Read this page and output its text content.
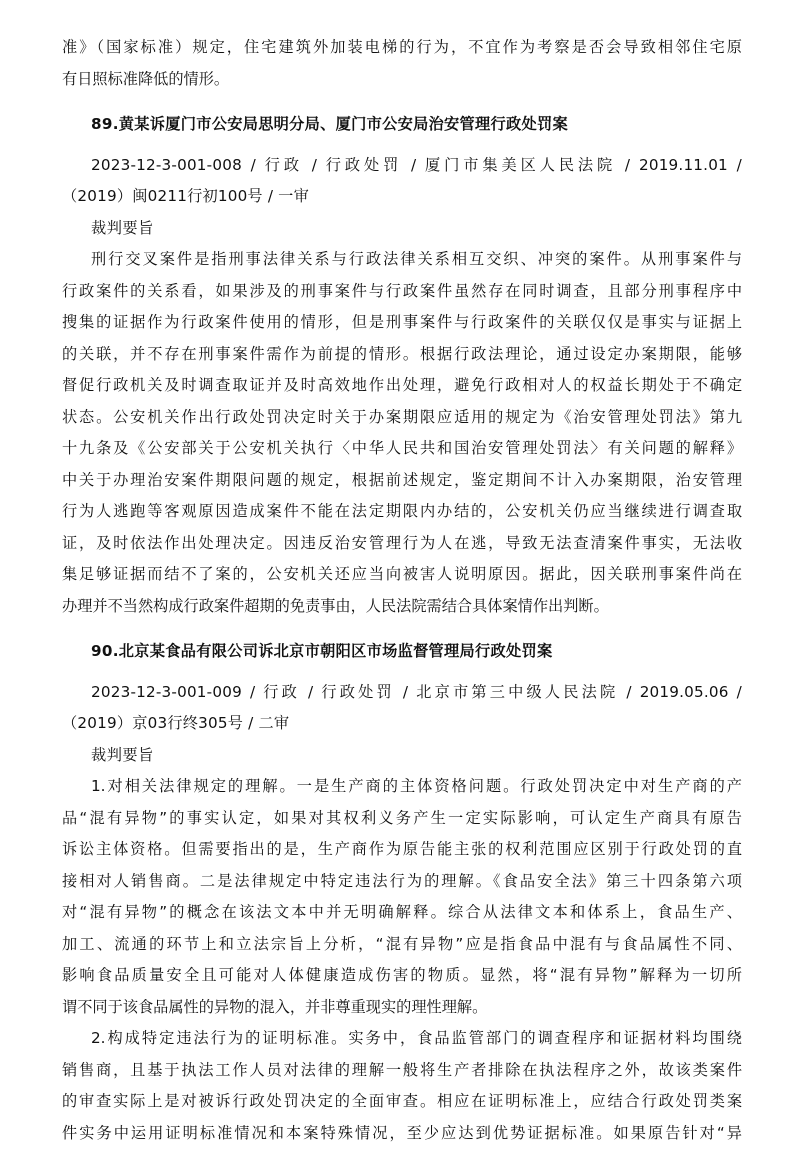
准》（国家标准）规定，住宅建筑外加装电梯的行为，不宜作为考察是否会导致相邻住宅原
有日照标准降低的情形。
89.黄某诉厦门市公安局思明分局、厦门市公安局治安管理行政处罚案
2023-12-3-001-008 / 行政 / 行政处罚 / 厦门市集美区人民法院 / 2019.11.01 /
（2019）闽0211行初100号 / 一审
裁判要旨
刑行交叉案件是指刑事法律关系与行政法律关系相互交织、冲突的案件。从刑事案件与
行政案件的关系看，如果涉及的刑事案件与行政案件虽然存在同时调查，且部分刑事程序中
搜集的证据作为行政案件使用的情形，但是刑事案件与行政案件的关联仅仅是事实与证据上
的关联，并不存在刑事案件需作为前提的情形。根据行政法理论，通过设定办案期限，能够
督促行政机关及时调查取证并及时高效地作出处理，避免行政相对人的权益长期处于不确定
状态。公安机关作出行政处罚决定时关于办案期限应适用的规定为《治安管理处罚法》第九
十九条及《公安部关于公安机关执行〈中华人民共和国治安管理处罚法〉有关问题的解释》
中关于办理治安案件期限问题的规定，根据前述规定，鉴定期间不计入办案期限，治安管理
行为人逃跑等客观原因造成案件不能在法定期限内办结的，公安机关仍应当继续进行调查取
证，及时依法作出处理决定。因违反治安管理行为人在逃，导致无法查清案件事实，无法收
集足够证据而结不了案的，公安机关还应当向被害人说明原因。据此，因关联刑事案件尚在
办理并不当然构成行政案件超期的免责事由，人民法院需结合具体案情作出判断。
90.北京某食品有限公司诉北京市朝阳区市场监督管理局行政处罚案
2023-12-3-001-009 / 行政 / 行政处罚 / 北京市第三中级人民法院 / 2019.05.06 /
（2019）京03行终305号 / 二审
裁判要旨
1.对相关法律规定的理解。一是生产商的主体资格问题。行政处罚决定中对生产商的产
品“混有异物”的事实认定，如果对其权利义务产生一定实际影响，可认定生产商具有原告
诉讼主体资格。但需要指出的是，生产商作为原告能主张的权利范围应区别于行政处罚的直
接相对人销售商。二是法律规定中特定违法行为的理解。《食品安全法》第三十四条第六项
对“混有异物”的概念在该法文本中并无明确解释。综合从法律文本和体系上，食品生产、
加工、流通的环节上和立法宗旨上分析，“混有异物”应是指食品中混有与食品属性不同、
影响食品质量安全且可能对人体健康造成伤害的物质。显然，将“混有异物”解释为一切所
谓不同于该食品属性的异物的混入，并非尊重现实的理性理解。
2.构成特定违法行为的证明标准。实务中，食品监管部门的调查程序和证据材料均围绕
销售商，且基于执法工作人员对法律的理解一般将生产者排除在执法程序之外，故该类案件
的审查实际上是对被诉行政处罚决定的全面审查。相应在证明标准上，应结合行政处罚类案
件实务中运用证明标准情况和本案特殊情况，至少应达到优势证据标准。如果原告针对“异
